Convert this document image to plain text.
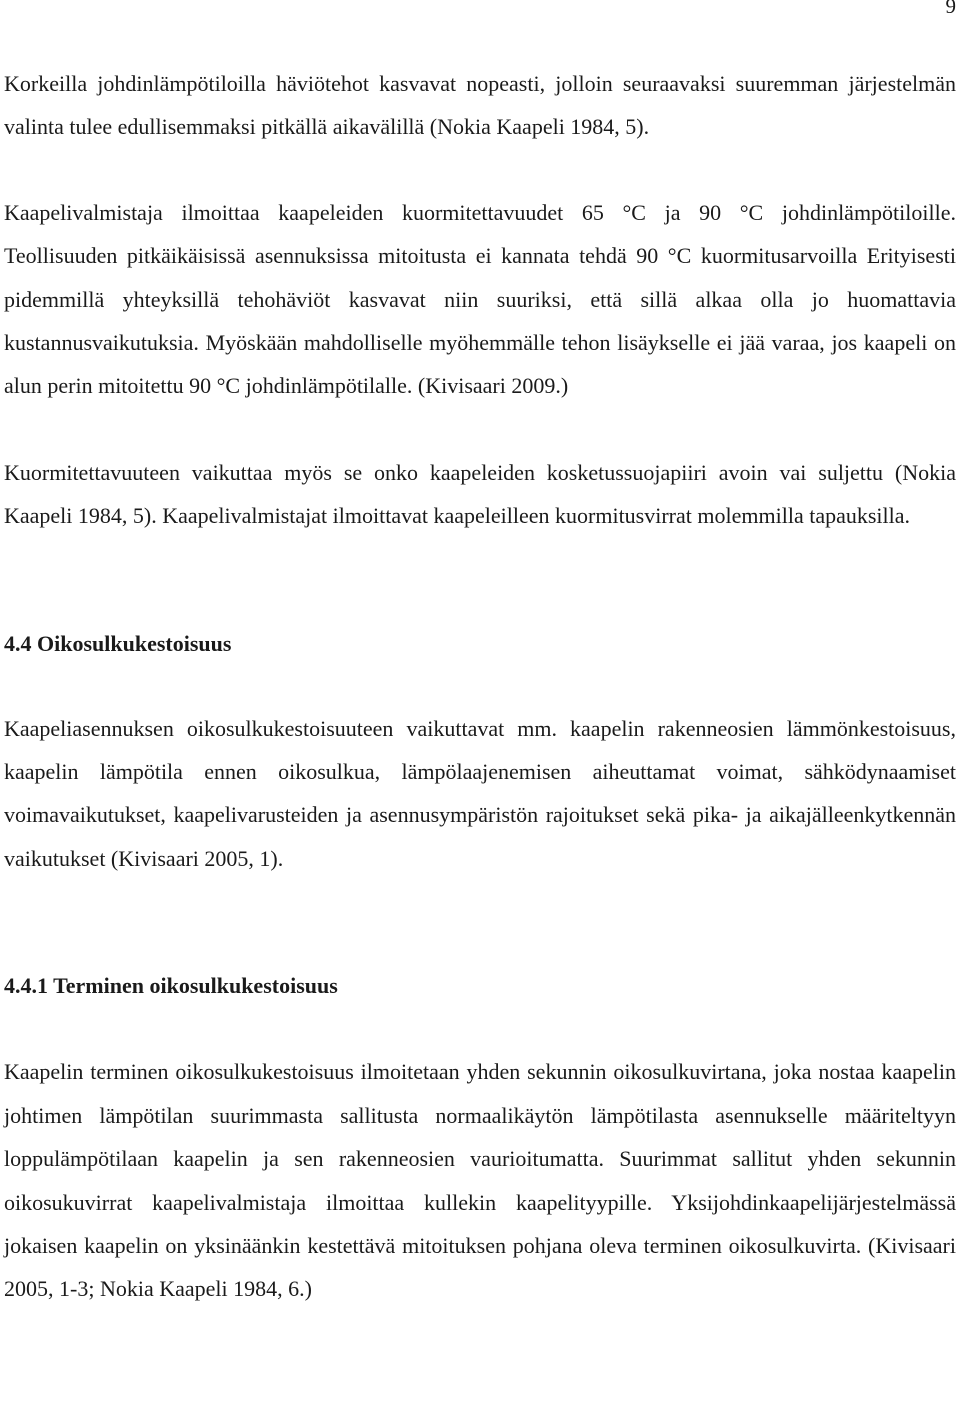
9

Korkeilla johdinlämpötiloilla häviötehot kasvavat nopeasti, jolloin seuraavaksi suuremman järjestelmän valinta tulee edullisemmaksi pitkällä aikavälillä (Nokia Kaapeli 1984, 5).

Kaapelivalmistaja ilmoittaa kaapeleiden kuormitettavuudet 65 °C ja 90 °C johdinlämpötiloille. Teollisuuden pitkäikäisissä asennuksissa mitoitusta ei kannata tehdä 90 °C kuormitusarvoilla Erityisesti pidemmillä yhteyksillä tehohäviöt kasvavat niin suuriksi, että sillä alkaa olla jo huomattavia kustannusvaikutuksia. Myöskään mahdolliselle myöhemmälle tehon lisäykselle ei jää varaa, jos kaapeli on alun perin mitoitettu 90 °C johdinlämpötilalle. (Kivisaari 2009.)

Kuormitettavuuteen vaikuttaa myös se onko kaapeleiden kosketussuojapiiri avoin vai suljettu (Nokia Kaapeli 1984, 5). Kaapelivalmistajat ilmoittavat kaapeleilleen kuormitusvirrat molemmilla tapauksilla.

4.4 Oikosulkukestoisuus

Kaapeliasennuksen oikosulkukestoisuuteen vaikuttavat mm. kaapelin rakenneosien lämmönkestoisuus, kaapelin lämpötila ennen oikosulkua, lämpölaajenemisen aiheuttamat voimat, sähködynaamiset voimavaikutukset, kaapelivarusteiden ja asennusympäristön rajoitukset sekä pika- ja aikajälleenkytkennän vaikutukset (Kivisaari 2005, 1).

4.4.1 Terminen oikosulkukestoisuus

Kaapelin terminen oikosulkukestoisuus ilmoitetaan yhden sekunnin oikosulkuvirtana, joka nostaa kaapelin johtimen lämpötilan suurimmasta sallitusta normaalikäytön lämpötilasta asennukselle määriteltyyn loppulämpötilaan kaapelin ja sen rakenneosien vaurioitumatta. Suurimmat sallitut yhden sekunnin oikosukuvirrat kaapelivalmistaja ilmoittaa kullekin kaapelityypille. Yksijohdinkaapelijärjestelmässä jokaisen kaapelin on yksinäänkin kestettävä mitoituksen pohjana oleva terminen oikosulkuvirta. (Kivisaari 2005, 1-3; Nokia Kaapeli 1984, 6.)
